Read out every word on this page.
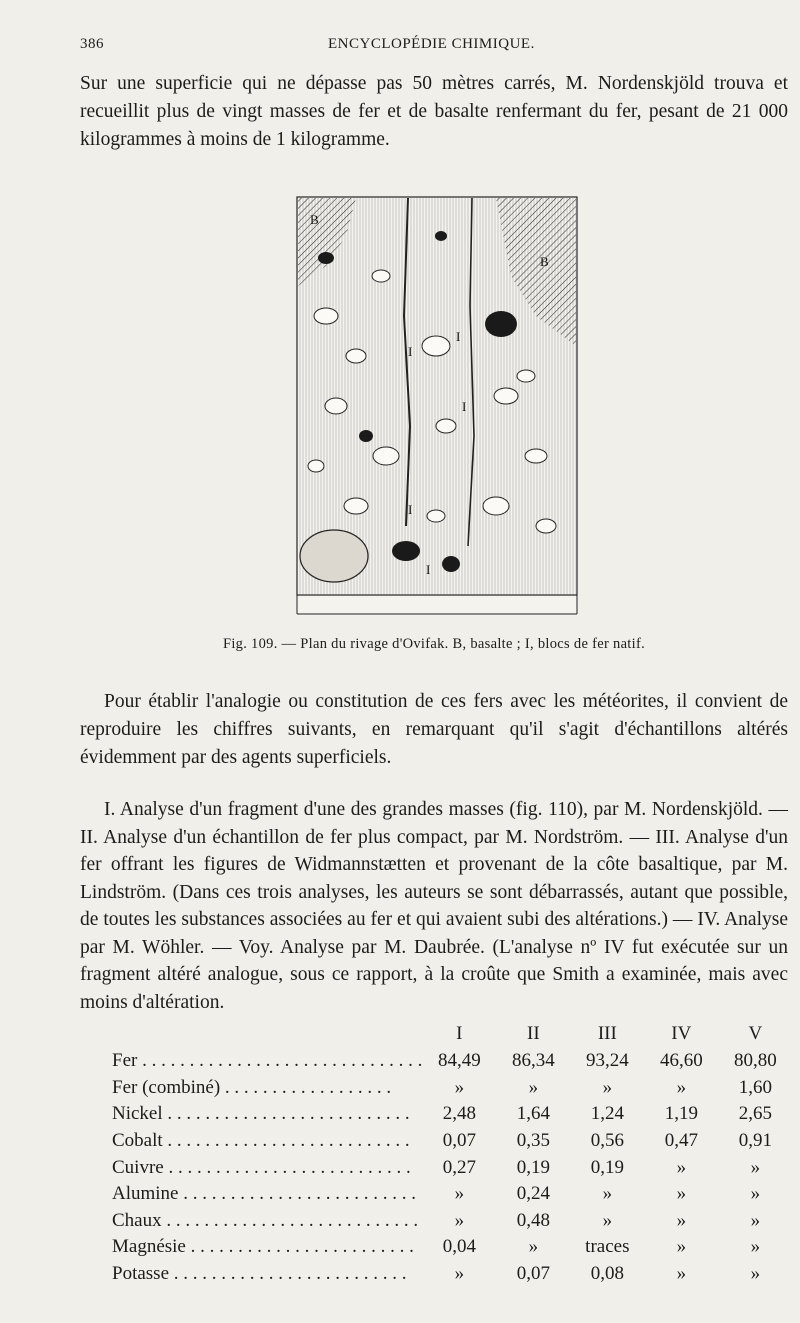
386	ENCYCLOPÉDIE CHIMIQUE.

Sur une superficie qui ne dépasse pas 50 mètres carrés, M. Nordenskjöld trouva et recueillit plus de vingt masses de fer et de basalte renfermant du fer, pesant de 21 000 kilogrammes à moins de 1 kilogramme.

B
B
I
I
I
I
I
Fig. 109. — Plan du rivage d'Ovifak. B, basalte ; I, blocs de fer natif.

Pour établir l'analogie ou constitution de ces fers avec les météorites, il convient de reproduire les chiffres suivants, en remarquant qu'il s'agit d'échantillons altérés évidemment par des agents superficiels.

I. Analyse d'un fragment d'une des grandes masses (fig. 110), par M. Nordenskjöld. — II. Analyse d'un échantillon de fer plus compact, par M. Nordström. — III. Analyse d'un fer offrant les figures de Widmannstætten et provenant de la côte basaltique, par M. Lindström. (Dans ces trois analyses, les auteurs se sont débarrassés, autant que possible, de toutes les substances associées au fer et qui avaient subi des altérations.) — IV. Analyse par M. Wöhler. — Voy. Analyse par M. Daubrée. (L'analyse nº IV fut exécutée sur un fragment altéré analogue, sous ce rapport, à la croûte que Smith a examinée, mais avec moins d'altération.

	I	II	III	IV	V
Fer . . . . . . . . . . . . . . . . . . . . . . . . . . . . . .	84,49	86,34	93,24	46,60	80,80
Fer (combiné) . . . . . . . . . . . . . . . . . .	»	»	»	»	1,60
Nickel . . . . . . . . . . . . . . . . . . . . . . . . . .	2,48	1,64	1,24	1,19	2,65
Cobalt . . . . . . . . . . . . . . . . . . . . . . . . . .	0,07	0,35	0,56	0,47	0,91
Cuivre . . . . . . . . . . . . . . . . . . . . . . . . . .	0,27	0,19	0,19	»	»
Alumine . . . . . . . . . . . . . . . . . . . . . . . . .	»	0,24	»	»	»
Chaux . . . . . . . . . . . . . . . . . . . . . . . . . . .	»	0,48	»	»	»
Magnésie . . . . . . . . . . . . . . . . . . . . . . . .	0,04	»	traces	»	»
Potasse . . . . . . . . . . . . . . . . . . . . . . . . .	»	0,07	0,08	»	»
